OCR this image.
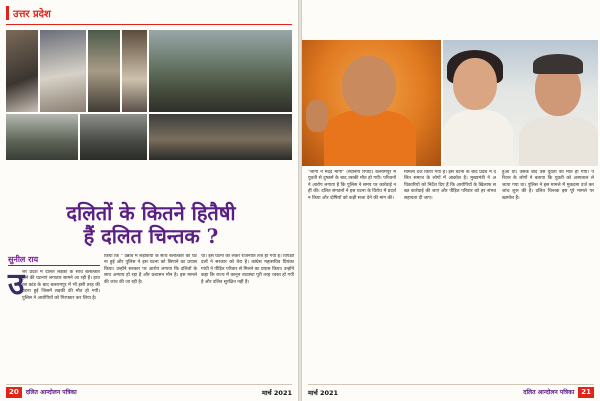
उत्तर प्रदेश
दलितों के कितने हितैषी
हैं दलित चिन्तक ?
सुनील राय
उ
त्तर प्रदेश में दलित लड़की के साथ बलात्कार होने की घटनाएं लगातार सामने आ रही हैं। हाथरस कांड के बाद बलरामपुर में भी इसी तरह की घटना हुई जिसमें लड़की की मौत हो गयी। पुलिस ने आरोपियों को गिरफ्तार कर लिया है।
किया कि " उन्नाव में लड़कियों के साथ बलात्कार की घटना हुई और पुलिस ने इस घटना को छिपाने का प्रयास किया। उन्होंने सरकार पर आरोप लगाया कि दलितों के साथ अन्याय हो रहा है और प्रशासन मौन है। इस मामले की जांच की जा रही है।
था। इस घटना को लेकर राजनीति तेज हो गयी है। विपक्षी दलों ने सरकार को घेरा है। कांग्रेस महासचिव प्रियंका गांधी ने पीड़ित परिवार से मिलने का प्रयास किया। उन्होंने कहा कि राज्य में कानून व्यवस्था पूरी तरह ध्वस्त हो गयी है और दलित सुरक्षित नहीं हैं।
20	दलित आन्दोलन पत्रिका	मार्च 2021
"लोगों ने मदद मांगी" (स्थानीय रिपोर्ट) बलरामपुर में युवती से दुष्कर्म के बाद उसकी मौत हो गयी। परिजनों ने आरोप लगाया है कि पुलिस ने समय पर कार्रवाई नहीं की। दलित संगठनों ने इस घटना के विरोध में प्रदर्शन किया और दोषियों को कड़ी सजा देने की मांग की।
मामला दर्ज किया गया है। इस घटना के बाद प्रदेश में दलित समाज के लोगों में आक्रोश है। मुख्यमंत्री ने अधिकारियों को निर्देश दिए हैं कि आरोपियों के खिलाफ सख्त कार्रवाई की जाए और पीड़ित परिवार को हर संभव सहायता दी जाए।
हुआ था। उसके बाद उस युवती की मौत हो गयी। परिवार के लोगों ने बताया कि युवती को अस्पताल ले जाया गया था। पुलिस ने इस मामले में मुकदमा दर्ज कर जांच शुरू की है। दलित चिन्तक इस पूरे मामले पर खामोश हैं।
मार्च 2021	दलित आन्दोलन पत्रिका	21
